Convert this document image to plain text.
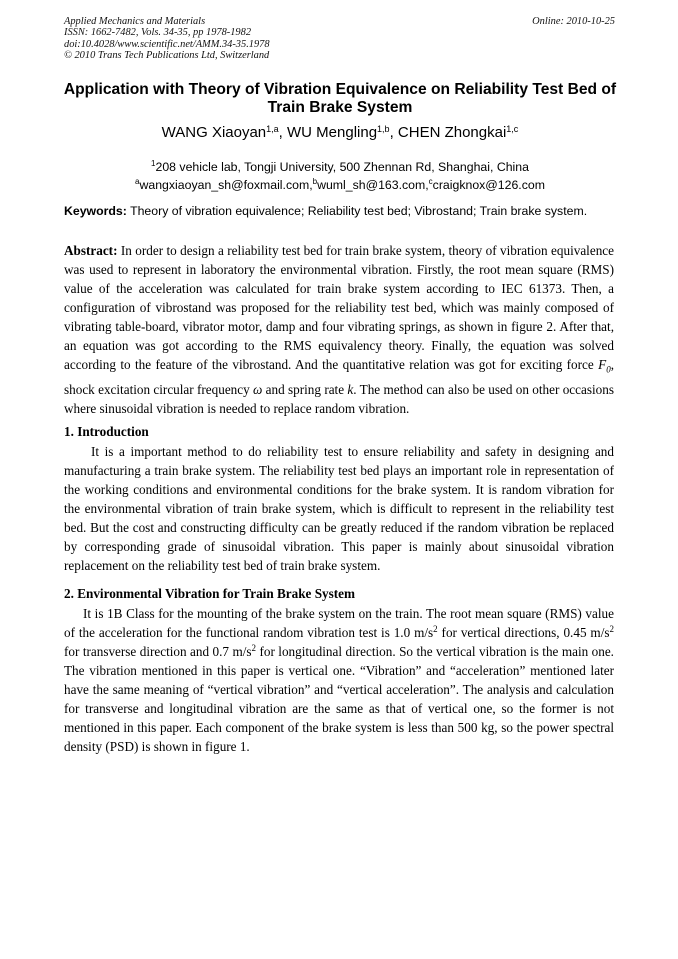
Applied Mechanics and Materials
ISSN: 1662-7482, Vols. 34-35, pp 1978-1982
doi:10.4028/www.scientific.net/AMM.34-35.1978
© 2010 Trans Tech Publications Ltd, Switzerland
Online: 2010-10-25
Application with Theory of Vibration Equivalence on Reliability Test Bed of Train Brake System
WANG Xiaoyan$^{1,a}$, WU Mengling$^{1,b}$, CHEN Zhongkai$^{1,c}$
$^1$208 vehicle lab, Tongji University, 500 Zhennan Rd, Shanghai, China
$^a$wangxiaoyan_sh@foxmail.com,$^b$wuml_sh@163.com,$^c$craigknox@126.com
Keywords: Theory of vibration equivalence; Reliability test bed; Vibrostand; Train brake system.
Abstract: In order to design a reliability test bed for train brake system, theory of vibration equivalence was used to represent in laboratory the environmental vibration. Firstly, the root mean square (RMS) value of the acceleration was calculated for train brake system according to IEC 61373. Then, a configuration of vibrostand was proposed for the reliability test bed, which was mainly composed of vibrating table-board, vibrator motor, damp and four vibrating springs, as shown in figure 2. After that, an equation was got according to the RMS equivalency theory. Finally, the equation was solved according to the feature of the vibrostand. And the quantitative relation was got for exciting force $F_0$, shock excitation circular frequency ω and spring rate k. The method can also be used on other occasions where sinusoidal vibration is needed to replace random vibration.
1. Introduction
It is a important method to do reliability test to ensure reliability and safety in designing and manufacturing a train brake system. The reliability test bed plays an important role in representation of the working conditions and environmental conditions for the brake system. It is random vibration for the environmental vibration of train brake system, which is difficult to represent in the reliability test bed. But the cost and constructing difficulty can be greatly reduced if the random vibration be replaced by corresponding grade of sinusoidal vibration. This paper is mainly about sinusoidal vibration replacement on the reliability test bed of train brake system.
2. Environmental Vibration for Train Brake System
It is 1B Class for the mounting of the brake system on the train. The root mean square (RMS) value of the acceleration for the functional random vibration test is 1.0 $m/s^2$ for vertical directions, 0.45 $m/s^2$ for transverse direction and 0.7 $m/s^2$ for longitudinal direction. So the vertical vibration is the main one. The vibration mentioned in this paper is vertical one. “Vibration” and “acceleration” mentioned later have the same meaning of “vertical vibration” and “vertical acceleration”. The analysis and calculation for transverse and longitudinal vibration are the same as that of vertical one, so the former is not mentioned in this paper. Each component of the brake system is less than 500 kg, so the power spectral density (PSD) is shown in figure 1.
